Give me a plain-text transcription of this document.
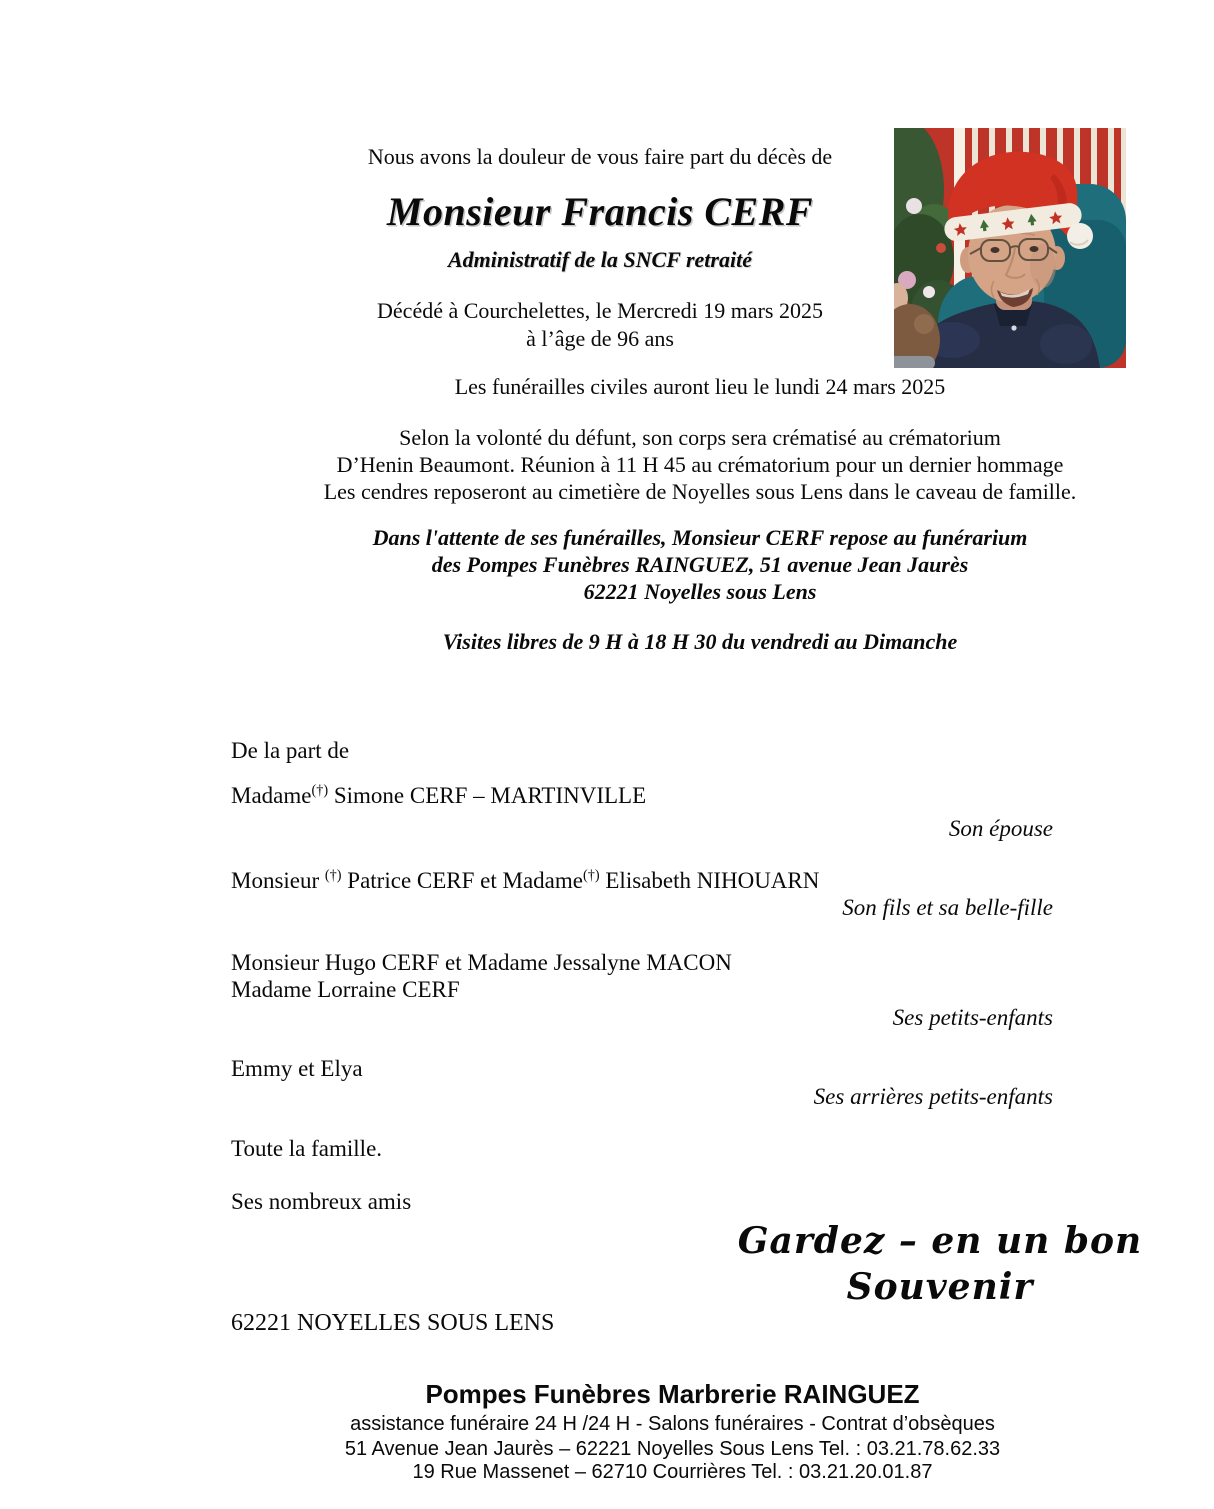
Nous avons la douleur de vous faire part du décès de

Monsieur Francis CERF

Administratif de la SNCF retraité

Décédé à Courchelettes, le Mercredi 19 mars 2025

à l’âge de 96 ans

Les funérailles civiles auront lieu le lundi 24 mars 2025

Selon la volonté du défunt, son corps sera crématisé au crématorium

D’Henin Beaumont. Réunion à 11 H 45 au crématorium pour un dernier hommage

Les cendres reposeront au cimetière de Noyelles sous Lens dans le caveau de famille.

Dans l'attente de ses funérailles, Monsieur CERF repose au funérarium

des Pompes Funèbres RAINGUEZ, 51 avenue Jean Jaurès

62221 Noyelles sous Lens

Visites libres de 9 H à 18 H 30 du vendredi au Dimanche

De la part de

Madame(†) Simone CERF – MARTINVILLE

Son épouse

Monsieur (†) Patrice CERF et Madame(†) Elisabeth NIHOUARN

Son fils et sa belle-fille

Monsieur Hugo CERF et Madame Jessalyne MACON

Madame Lorraine CERF

Ses petits-enfants

Emmy et Elya

Ses arrières petits-enfants

Toute la famille.

Ses nombreux amis

Gardez – en un bon
Souvenir

62221 NOYELLES SOUS LENS

Pompes Funèbres Marbrerie RAINGUEZ

assistance funéraire 24 H /24 H - Salons funéraires - Contrat d’obsèques

51 Avenue Jean Jaurès – 62221 Noyelles Sous Lens Tel. : 03.21.78.62.33

19 Rue Massenet – 62710 Courrières Tel. : 03.21.20.01.87
